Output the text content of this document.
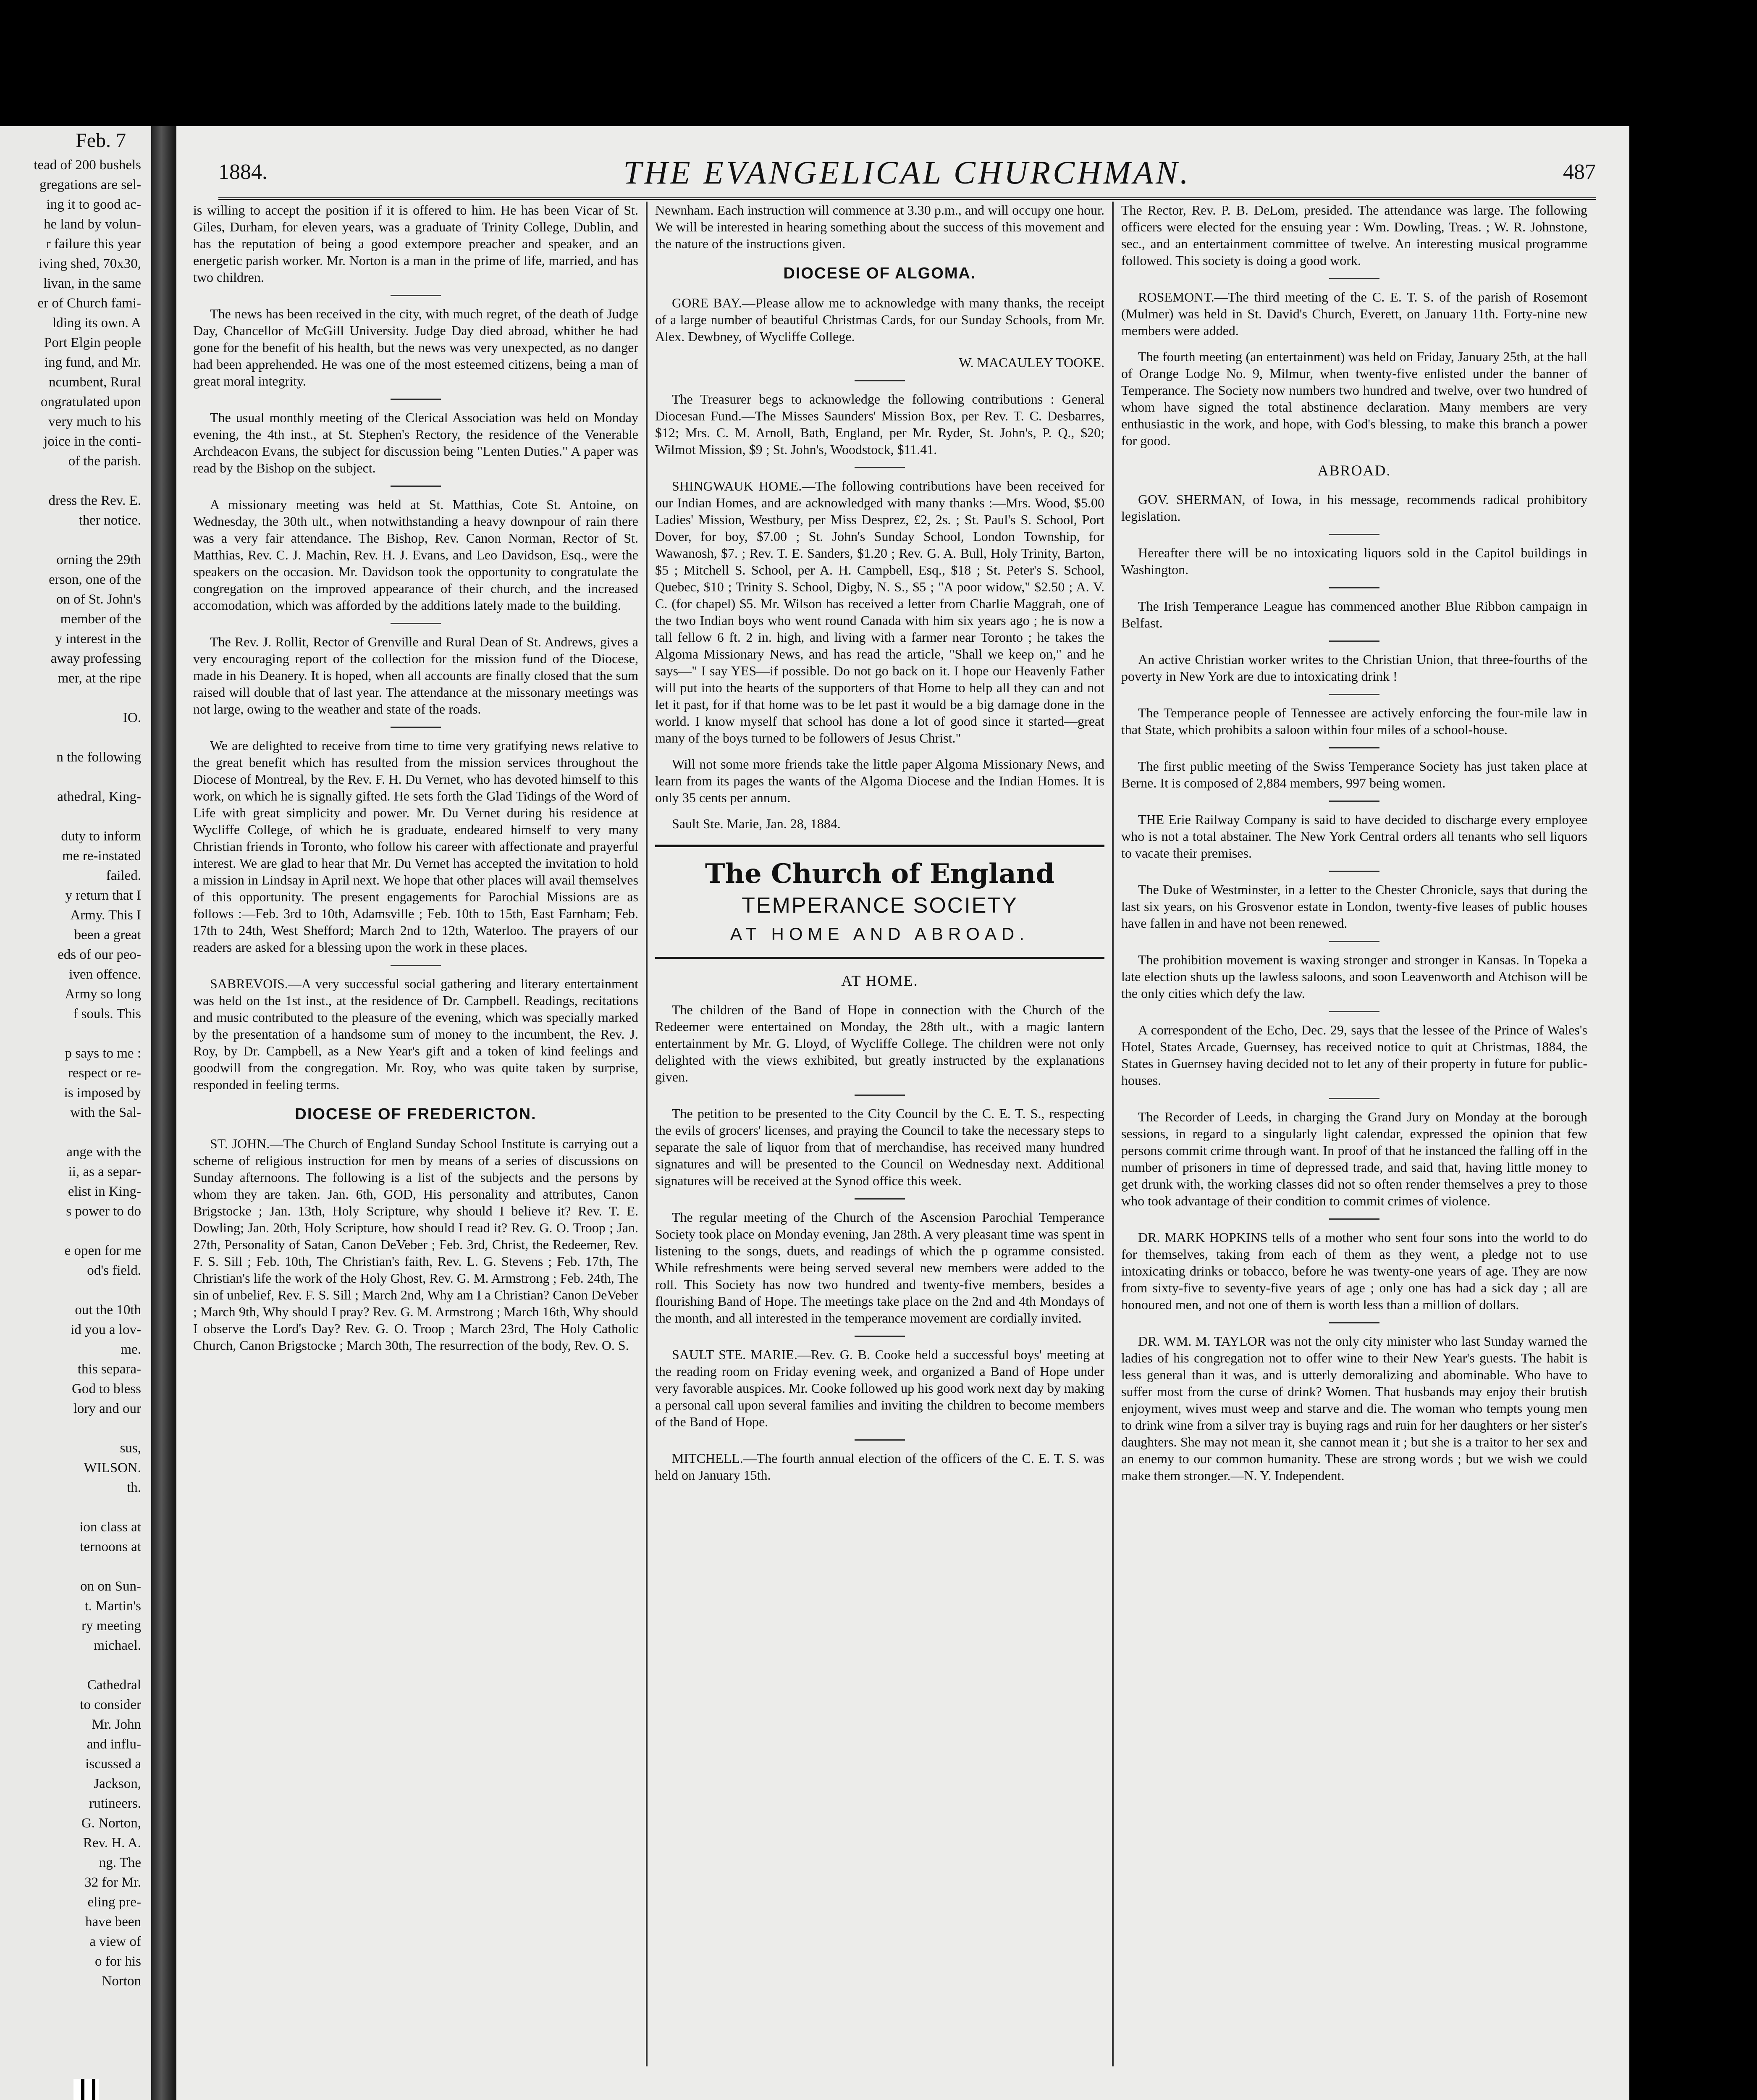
Feb. 7

tead of 200 bushels

gregations are sel-

ing it to good ac-

he land by volun-

r failure this year

iving shed, 70x30,

livan, in the same

er of Church fami-

lding its own. A

Port Elgin people

ing fund, and Mr.

ncumbent, Rural

ongratulated upon

very much to his

joice in the conti-

of the parish.

dress the Rev. E.

ther notice.

orning the 29th

erson, one of the

on of St. John's

member of the

y interest in the

away professing

mer, at the ripe

IO.

n the following

athedral, King-

duty to inform

me re-instated

failed.

y return that I

Army. This I

been a great

eds of our peo-

iven offence.

Army so long

f souls. This

p says to me :

respect or re-

is imposed by

with the Sal-

ange with the

ii, as a separ-

elist in King-

s power to do

e open for me

od's field.

out the 10th

id you a lov-

me.

this separa-

God to bless

lory and our

sus,

WILSON.

th.

ion class at

ternoons at

on on Sun-

t. Martin's

ry meeting

michael.

Cathedral

to consider

Mr. John

and influ-

iscussed a

Jackson,

rutineers.

G. Norton,

Rev. H. A.

ng. The

32 for Mr.

eling pre-

have been

a view of

o for his

Norton

1884.	THE EVANGELICAL CHURCHMAN.	487

is willing to accept the position if it is offered to him. He has been Vicar of St. Giles, Durham, for eleven years, was a graduate of Trinity College, Dublin, and has the reputation of being a good extempore preacher and speaker, and an energetic parish worker. Mr. Norton is a man in the prime of life, married, and has two children.

The news has been received in the city, with much regret, of the death of Judge Day, Chancellor of McGill University. Judge Day died abroad, whither he had gone for the benefit of his health, but the news was very unexpected, as no danger had been apprehended. He was one of the most esteemed citizens, being a man of great moral integrity.

The usual monthly meeting of the Clerical Association was held on Monday evening, the 4th inst., at St. Stephen's Rectory, the residence of the Venerable Archdeacon Evans, the subject for discussion being "Lenten Duties." A paper was read by the Bishop on the subject.

A missionary meeting was held at St. Matthias, Cote St. Antoine, on Wednesday, the 30th ult., when notwithstanding a heavy downpour of rain there was a very fair attendance. The Bishop, Rev. Canon Norman, Rector of St. Matthias, Rev. C. J. Machin, Rev. H. J. Evans, and Leo Davidson, Esq., were the speakers on the occasion. Mr. Davidson took the opportunity to congratulate the congregation on the improved appearance of their church, and the increased accomodation, which was afforded by the additions lately made to the building.

The Rev. J. Rollit, Rector of Grenville and Rural Dean of St. Andrews, gives a very encouraging report of the collection for the mission fund of the Diocese, made in his Deanery. It is hoped, when all accounts are finally closed that the sum raised will double that of last year. The attendance at the missonary meetings was not large, owing to the weather and state of the roads.

We are delighted to receive from time to time very gratifying news relative to the great benefit which has resulted from the mission services throughout the Diocese of Montreal, by the Rev. F. H. Du Vernet, who has devoted himself to this work, on which he is signally gifted. He sets forth the Glad Tidings of the Word of Life with great simplicity and power. Mr. Du Vernet during his residence at Wycliffe College, of which he is graduate, endeared himself to very many Christian friends in Toronto, who follow his career with affectionate and prayerful interest. We are glad to hear that Mr. Du Vernet has accepted the invitation to hold a mission in Lindsay in April next. We hope that other places will avail themselves of this opportunity. The present engagements for Parochial Missions are as follows :—Feb. 3rd to 10th, Adamsville ; Feb. 10th to 15th, East Farnham; Feb. 17th to 24th, West Shefford; March 2nd to 12th, Waterloo. The prayers of our readers are asked for a blessing upon the work in these places.

SABREVOIS.—A very successful social gathering and literary entertainment was held on the 1st inst., at the residence of Dr. Campbell. Readings, recitations and music contributed to the pleasure of the evening, which was specially marked by the presentation of a handsome sum of money to the incumbent, the Rev. J. Roy, by Dr. Campbell, as a New Year's gift and a token of kind feelings and goodwill from the congregation. Mr. Roy, who was quite taken by surprise, responded in feeling terms.

DIOCESE OF FREDERICTON.

ST. JOHN.—The Church of England Sunday School Institute is carrying out a scheme of religious instruction for men by means of a series of discussions on Sunday afternoons. The following is a list of the subjects and the persons by whom they are taken. Jan. 6th, GOD, His personality and attributes, Canon Brigstocke ; Jan. 13th, Holy Scripture, why should I believe it? Rev. T. E. Dowling; Jan. 20th, Holy Scripture, how should I read it? Rev. G. O. Troop ; Jan. 27th, Personality of Satan, Canon DeVeber ; Feb. 3rd, Christ, the Redeemer, Rev. F. S. Sill ; Feb. 10th, The Christian's faith, Rev. L. G. Stevens ; Feb. 17th, The Christian's life the work of the Holy Ghost, Rev. G. M. Armstrong ; Feb. 24th, The sin of unbelief, Rev. F. S. Sill ; March 2nd, Why am I a Christian? Canon DeVeber ; March 9th, Why should I pray? Rev. G. M. Armstrong ; March 16th, Why should I observe the Lord's Day? Rev. G. O. Troop ; March 23rd, The Holy Catholic Church, Canon Brigstocke ; March 30th, The resurrection of the body, Rev. O. S.

Newnham. Each instruction will commence at 3.30 p.m., and will occupy one hour. We will be interested in hearing something about the success of this movement and the nature of the instructions given.

DIOCESE OF ALGOMA.

GORE BAY.—Please allow me to acknowledge with many thanks, the receipt of a large number of beautiful Christmas Cards, for our Sunday Schools, from Mr. Alex. Dewbney, of Wycliffe College.

W. MACAULEY TOOKE.

The Treasurer begs to acknowledge the following contributions : General Diocesan Fund.—The Misses Saunders' Mission Box, per Rev. T. C. Desbarres, $12; Mrs. C. M. Arnoll, Bath, England, per Mr. Ryder, St. John's, P. Q., $20; Wilmot Mission, $9 ; St. John's, Woodstock, $11.41.

SHINGWAUK HOME.—The following contributions have been received for our Indian Homes, and are acknowledged with many thanks :—Mrs. Wood, $5.00 Ladies' Mission, Westbury, per Miss Desprez, £2, 2s. ; St. Paul's S. School, Port Dover, for boy, $7.00 ; St. John's Sunday School, London Township, for Wawanosh, $7. ; Rev. T. E. Sanders, $1.20 ; Rev. G. A. Bull, Holy Trinity, Barton, $5 ; Mitchell S. School, per A. H. Campbell, Esq., $18 ; St. Peter's S. School, Quebec, $10 ; Trinity S. School, Digby, N. S., $5 ; "A poor widow," $2.50 ; A. V. C. (for chapel) $5. Mr. Wilson has received a letter from Charlie Maggrah, one of the two Indian boys who went round Canada with him six years ago ; he is now a tall fellow 6 ft. 2 in. high, and living with a farmer near Toronto ; he takes the Algoma Missionary News, and has read the article, "Shall we keep on," and he says—" I say YES—if possible. Do not go back on it. I hope our Heavenly Father will put into the hearts of the supporters of that Home to help all they can and not let it past, for if that home was to be let past it would be a big damage done in the world. I know myself that school has done a lot of good since it started—great many of the boys turned to be followers of Jesus Christ."

Will not some more friends take the little paper Algoma Missionary News, and learn from its pages the wants of the Algoma Diocese and the Indian Homes. It is only 35 cents per annum.

Sault Ste. Marie, Jan. 28, 1884.

The Church of England
TEMPERANCE SOCIETY
AT HOME AND ABROAD.
AT HOME.

The children of the Band of Hope in connection with the Church of the Redeemer were entertained on Monday, the 28th ult., with a magic lantern entertainment by Mr. G. Lloyd, of Wycliffe College. The children were not only delighted with the views exhibited, but greatly instructed by the explanations given.

The petition to be presented to the City Council by the C. E. T. S., respecting the evils of grocers' licenses, and praying the Council to take the necessary steps to separate the sale of liquor from that of merchandise, has received many hundred signatures and will be presented to the Council on Wednesday next. Additional signatures will be received at the Synod office this week.

The regular meeting of the Church of the Ascension Parochial Temperance Society took place on Monday evening, Jan 28th. A very pleasant time was spent in listening to the songs, duets, and readings of which the p ogramme consisted. While refreshments were being served several new members were added to the roll. This Society has now two hundred and twenty-five members, besides a flourishing Band of Hope. The meetings take place on the 2nd and 4th Mondays of the month, and all interested in the temperance movement are cordially invited.

SAULT STE. MARIE.—Rev. G. B. Cooke held a successful boys' meeting at the reading room on Friday evening week, and organized a Band of Hope under very favorable auspices. Mr. Cooke followed up his good work next day by making a personal call upon several families and inviting the children to become members of the Band of Hope.

MITCHELL.—The fourth annual election of the officers of the C. E. T. S. was held on January 15th.

The Rector, Rev. P. B. DeLom, presided. The attendance was large. The following officers were elected for the ensuing year : Wm. Dowling, Treas. ; W. R. Johnstone, sec., and an entertainment committee of twelve. An interesting musical programme followed. This society is doing a good work.

ROSEMONT.—The third meeting of the C. E. T. S. of the parish of Rosemont (Mulmer) was held in St. David's Church, Everett, on January 11th. Forty-nine new members were added.

The fourth meeting (an entertainment) was held on Friday, January 25th, at the hall of Orange Lodge No. 9, Milmur, when twenty-five enlisted under the banner of Temperance. The Society now numbers two hundred and twelve, over two hundred of whom have signed the total abstinence declaration. Many members are very enthusiastic in the work, and hope, with God's blessing, to make this branch a power for good.

ABROAD.

GOV. SHERMAN, of Iowa, in his message, recommends radical prohibitory legislation.

Hereafter there will be no intoxicating liquors sold in the Capitol buildings in Washington.

The Irish Temperance League has commenced another Blue Ribbon campaign in Belfast.

An active Christian worker writes to the Christian Union, that three-fourths of the poverty in New York are due to intoxicating drink !

The Temperance people of Tennessee are actively enforcing the four-mile law in that State, which prohibits a saloon within four miles of a school-house.

The first public meeting of the Swiss Temperance Society has just taken place at Berne. It is composed of 2,884 members, 997 being women.

THE Erie Railway Company is said to have decided to discharge every employee who is not a total abstainer. The New York Central orders all tenants who sell liquors to vacate their premises.

The Duke of Westminster, in a letter to the Chester Chronicle, says that during the last six years, on his Grosvenor estate in London, twenty-five leases of public houses have fallen in and have not been renewed.

The prohibition movement is waxing stronger and stronger in Kansas. In Topeka a late election shuts up the lawless saloons, and soon Leavenworth and Atchison will be the only cities which defy the law.

A correspondent of the Echo, Dec. 29, says that the lessee of the Prince of Wales's Hotel, States Arcade, Guernsey, has received notice to quit at Christmas, 1884, the States in Guernsey having decided not to let any of their property in future for public-houses.

The Recorder of Leeds, in charging the Grand Jury on Monday at the borough sessions, in regard to a singularly light calendar, expressed the opinion that few persons commit crime through want. In proof of that he instanced the falling off in the number of prisoners in time of depressed trade, and said that, having little money to get drunk with, the working classes did not so often render themselves a prey to those who took advantage of their condition to commit crimes of violence.

DR. MARK HOPKINS tells of a mother who sent four sons into the world to do for themselves, taking from each of them as they went, a pledge not to use intoxicating drinks or tobacco, before he was twenty-one years of age. They are now from sixty-five to seventy-five years of age ; only one has had a sick day ; all are honoured men, and not one of them is worth less than a million of dollars.

DR. WM. M. TAYLOR was not the only city minister who last Sunday warned the ladies of his congregation not to offer wine to their New Year's guests. The habit is less general than it was, and is utterly demoralizing and abominable. Who have to suffer most from the curse of drink? Women. That husbands may enjoy their brutish enjoyment, wives must weep and starve and die. The woman who tempts young men to drink wine from a silver tray is buying rags and ruin for her daughters or her sister's daughters. She may not mean it, she cannot mean it ; but she is a traitor to her sex and an enemy to our common humanity. These are strong words ; but we wish we could make them stronger.—N. Y. Independent.
